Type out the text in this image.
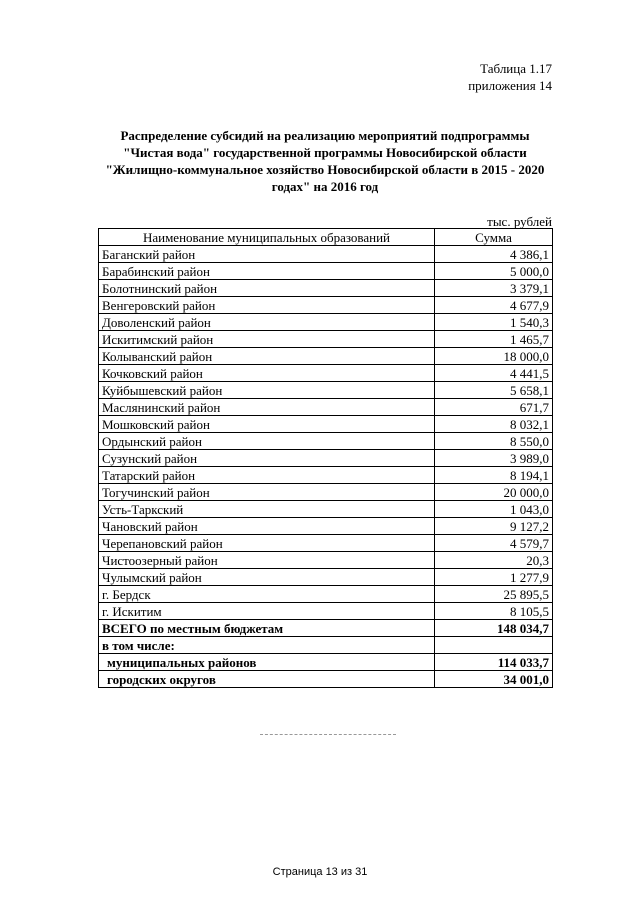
Таблица 1.17
приложения 14
Распределение субсидий на реализацию мероприятий подпрограммы
"Чистая вода" государственной программы Новосибирской области
"Жилищно-коммунальное хозяйство Новосибирской области в 2015 - 2020
годах" на 2016 год
тыс. рублей
Наименование муниципальных образований	Сумма
Баганский район	4 386,1
Барабинский район	5 000,0
Болотнинский район	3 379,1
Венгеровский район	4 677,9
Доволенский район	1 540,3
Искитимский район	1 465,7
Колыванский район	18 000,0
Кочковский район	4 441,5
Куйбышевский район	5 658,1
Маслянинский район	671,7
Мошковский район	8 032,1
Ордынский район	8 550,0
Сузунский район	3 989,0
Татарский район	8 194,1
Тогучинский район	20 000,0
Усть-Таркский	1 043,0
Чановский район	9 127,2
Черепановский район	4 579,7
Чистоозерный район	20,3
Чулымский район	1 277,9
г. Бердск	25 895,5
г. Искитим	8 105,5
ВСЕГО по местным бюджетам	148 034,7
в том числе:	
муниципальных районов	114 033,7
городских округов	34 001,0
Страница 13 из 31
